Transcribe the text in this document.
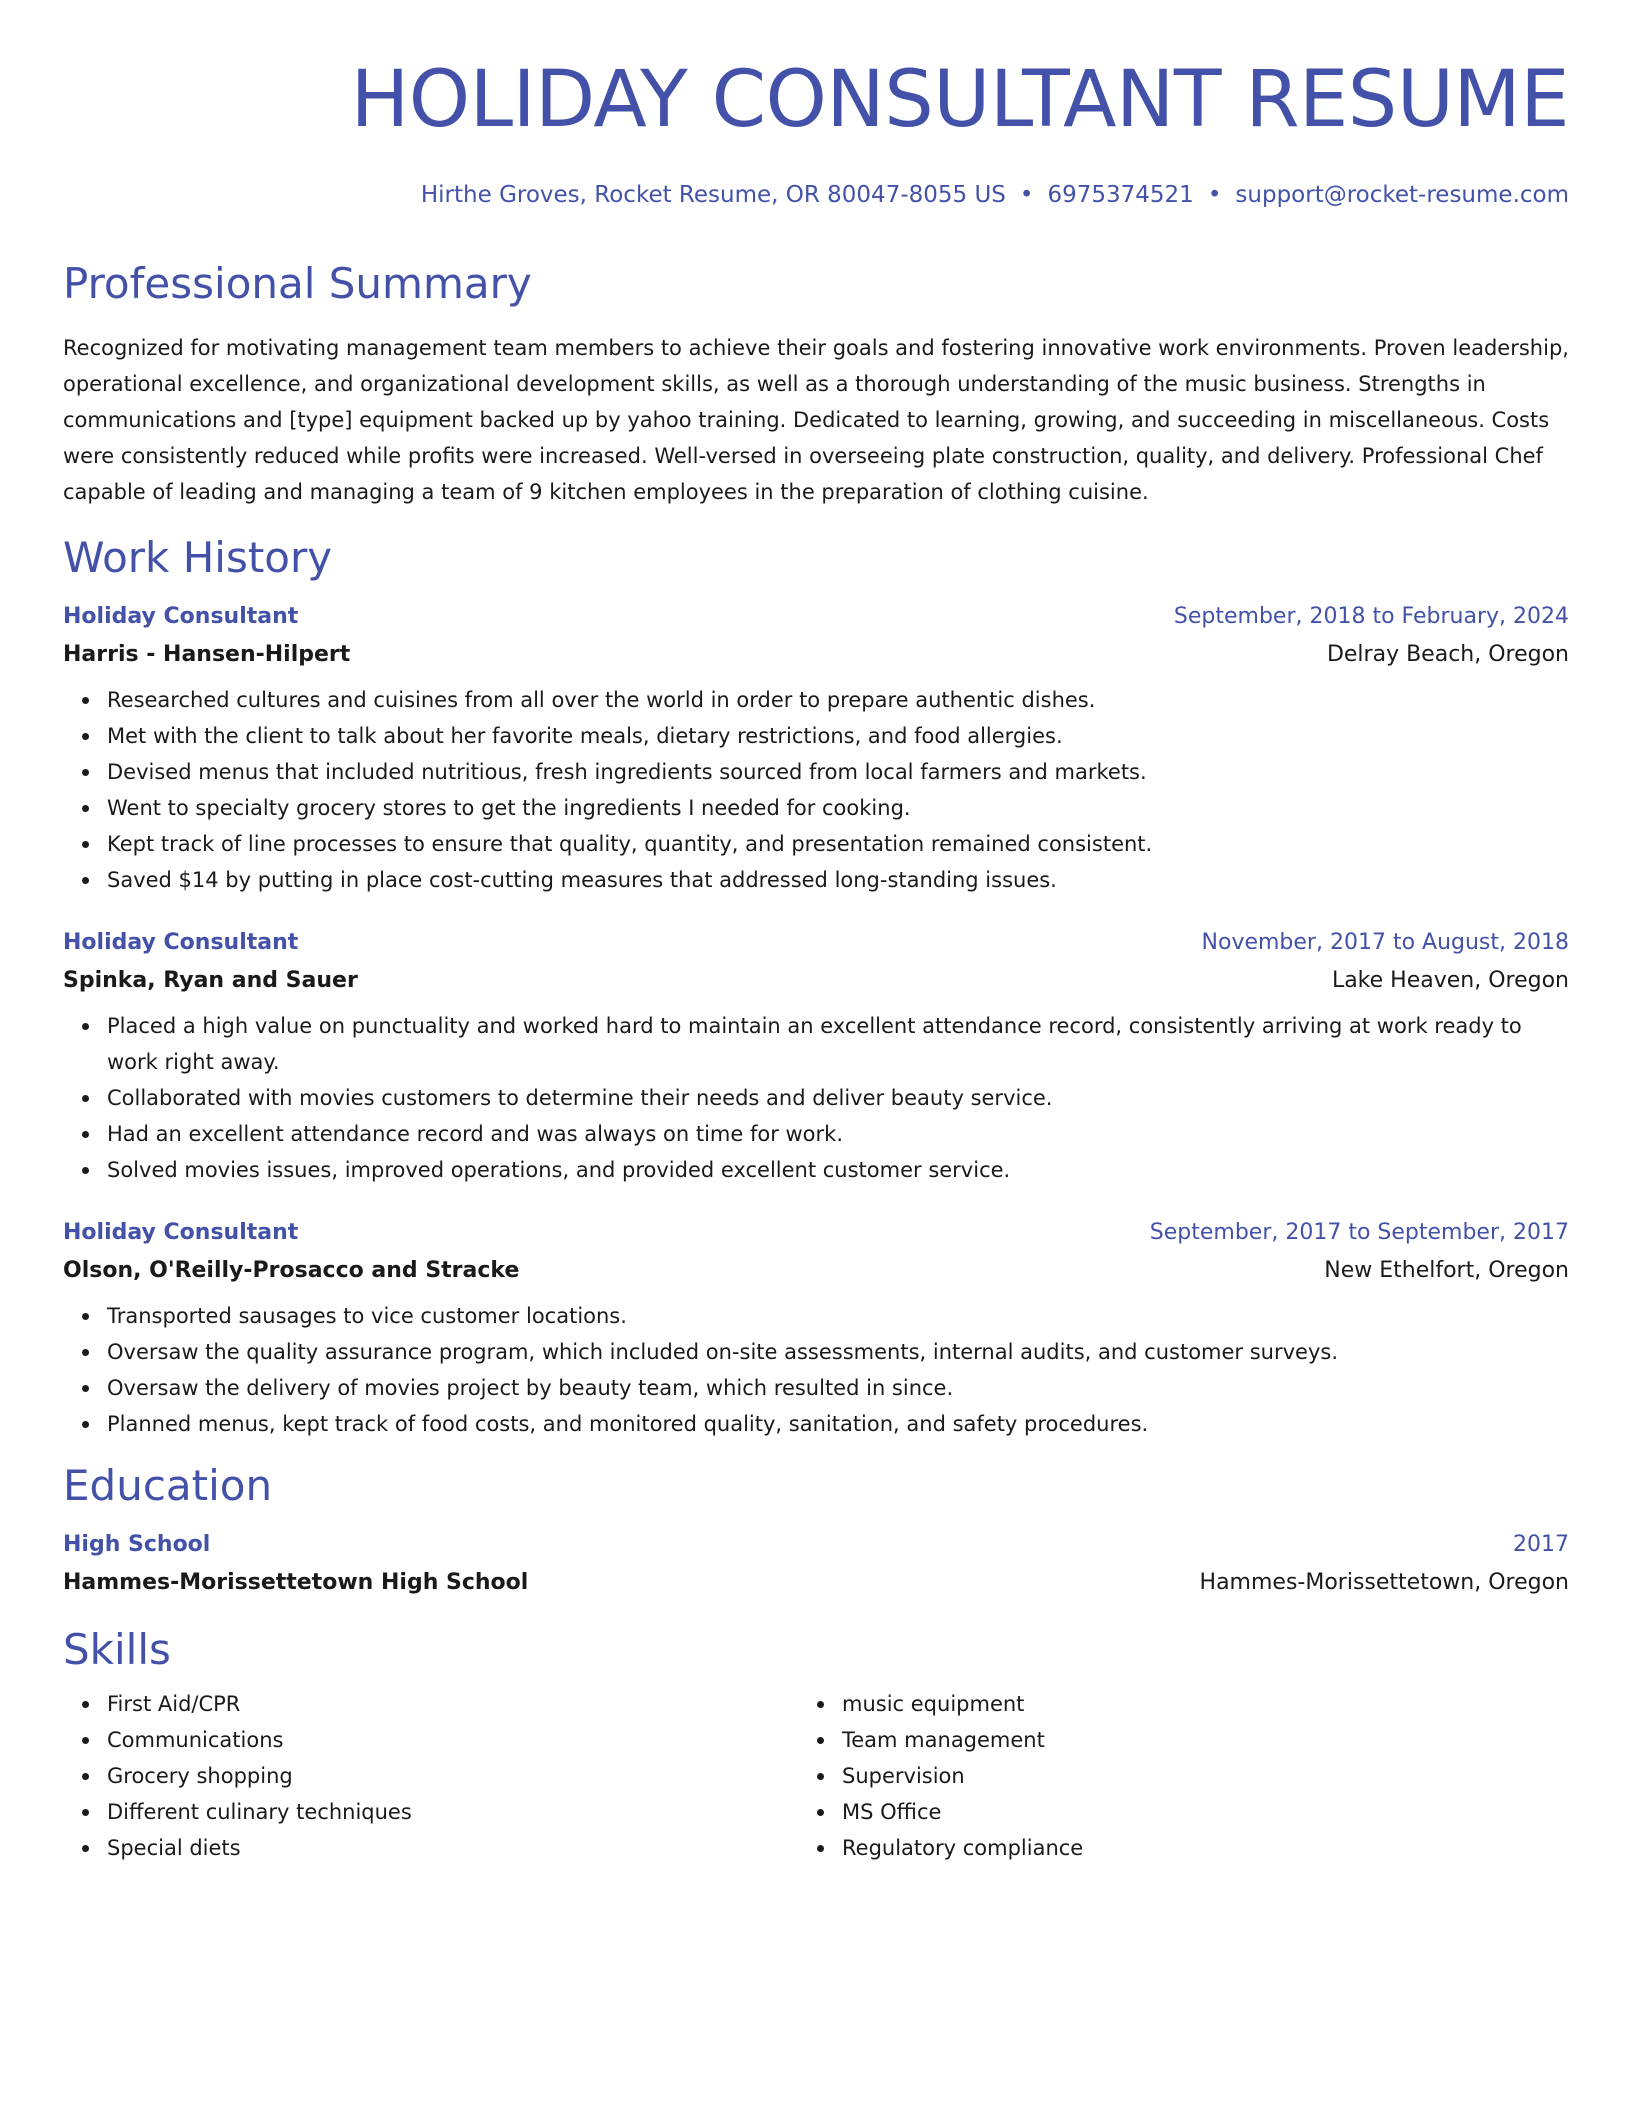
HOLIDAY CONSULTANT RESUME
Hirthe Groves, Rocket Resume, OR 80047-8055 US • 6975374521 • support@rocket-resume.com
Professional Summary
Recognized for motivating management team members to achieve their goals and fostering innovative work environments. Proven leadership, operational excellence, and organizational development skills, as well as a thorough understanding of the music business. Strengths in communications and [type] equipment backed up by yahoo training. Dedicated to learning, growing, and succeeding in miscellaneous. Costs were consistently reduced while profits were increased. Well-versed in overseeing plate construction, quality, and delivery. Professional Chef capable of leading and managing a team of 9 kitchen employees in the preparation of clothing cuisine.
Work History
Holiday Consultant	September, 2018 to February, 2024
Harris - Hansen-Hilpert	Delray Beach, Oregon
Researched cultures and cuisines from all over the world in order to prepare authentic dishes.
Met with the client to talk about her favorite meals, dietary restrictions, and food allergies.
Devised menus that included nutritious, fresh ingredients sourced from local farmers and markets.
Went to specialty grocery stores to get the ingredients I needed for cooking.
Kept track of line processes to ensure that quality, quantity, and presentation remained consistent.
Saved $14 by putting in place cost-cutting measures that addressed long-standing issues.
Holiday Consultant	November, 2017 to August, 2018
Spinka, Ryan and Sauer	Lake Heaven, Oregon
Placed a high value on punctuality and worked hard to maintain an excellent attendance record, consistently arriving at work ready to work right away.
Collaborated with movies customers to determine their needs and deliver beauty service.
Had an excellent attendance record and was always on time for work.
Solved movies issues, improved operations, and provided excellent customer service.
Holiday Consultant	September, 2017 to September, 2017
Olson, O'Reilly-Prosacco and Stracke	New Ethelfort, Oregon
Transported sausages to vice customer locations.
Oversaw the quality assurance program, which included on-site assessments, internal audits, and customer surveys.
Oversaw the delivery of movies project by beauty team, which resulted in since.
Planned menus, kept track of food costs, and monitored quality, sanitation, and safety procedures.
Education
High School	2017
Hammes-Morissettetown High School	Hammes-Morissettetown, Oregon
Skills
First Aid/CPR
Communications
Grocery shopping
Different culinary techniques
Special diets
music equipment
Team management
Supervision
MS Office
Regulatory compliance
